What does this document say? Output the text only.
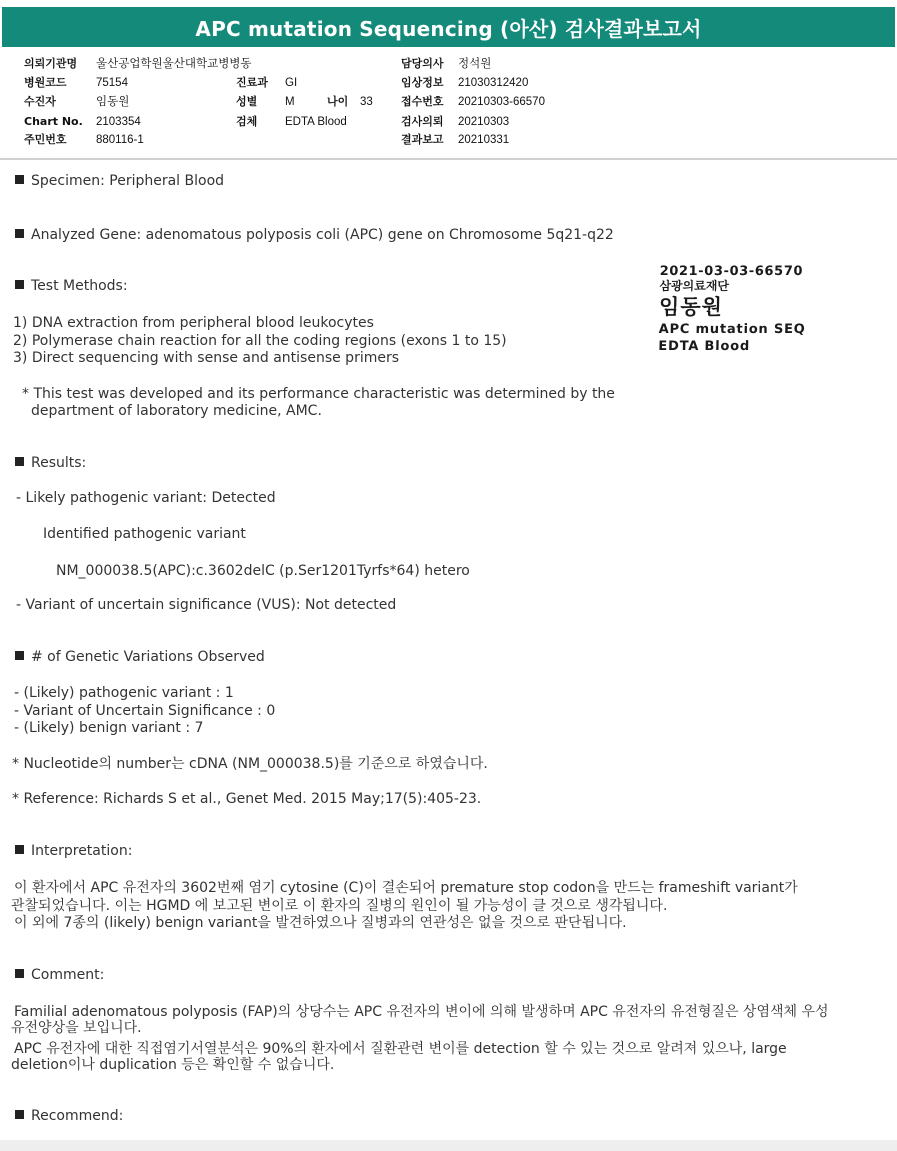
APC mutation Sequencing (아산) 검사결과보고서
의뢰기관명 울산공업학원울산대학교병병동
병원코드	75154
수진자	임동원
Chart No. 2103354
주민번호	880116-1
진료과 GI
성별 M	나이 33
검체 EDTA Blood
담당의사 정석원
임상정보 21030312420
접수번호 20210303-66570
검사의뢰 20210303
결과보고 20210331
Specimen: Peripheral Blood
Analyzed Gene: adenomatous polyposis coli (APC) gene on Chromosome 5q21-q22
Test Methods:
1) DNA extraction from peripheral blood leukocytes
2) Polymerase chain reaction for all the coding regions (exons 1 to 15)
3) Direct sequencing with sense and antisense primers
* This test was developed and its performance characteristic was determined by the
department of laboratory medicine, AMC.
Results:
- Likely pathogenic variant: Detected
Identified pathogenic variant
NM_000038.5(APC):c.3602delC (p.Ser1201Tyrfs*64) hetero
- Variant of uncertain significance (VUS): Not detected
# of Genetic Variations Observed
- (Likely) pathogenic variant : 1
- Variant of Uncertain Significance : 0
- (Likely) benign variant : 7
* Nucleotide의 number는 cDNA (NM_000038.5)를 기준으로 하였습니다.
* Reference: Richards S et al., Genet Med. 2015 May;17(5):405-23.
Interpretation:
이 환자에서 APC 유전자의 3602번째 염기 cytosine (C)이 결손되어 premature stop codon을 만드는 frameshift variant가
관찰되었습니다. 이는 HGMD 에 보고된 변이로 이 환자의 질병의 원인이 될 가능성이 클 것으로 생각됩니다.
이 외에 7종의 (likely) benign variant을 발견하였으나 질병과의 연관성은 없을 것으로 판단됩니다.
Comment:
Familial adenomatous polyposis (FAP)의 상당수는 APC 유전자의 변이에 의해 발생하며 APC 유전자의 유전형질은 상염색체 우성
유전양상을 보입니다.
APC 유전자에 대한 직접염기서열분석은 90%의 환자에서 질환관련 변이를 detection 할 수 있는 것으로 알려져 있으나, large
deletion이나 duplication 등은 확인할 수 없습니다.
Recommend:
2021-03-03-66570
삼광의료재단
임동원
APC mutation SEQ
EDTA Blood
